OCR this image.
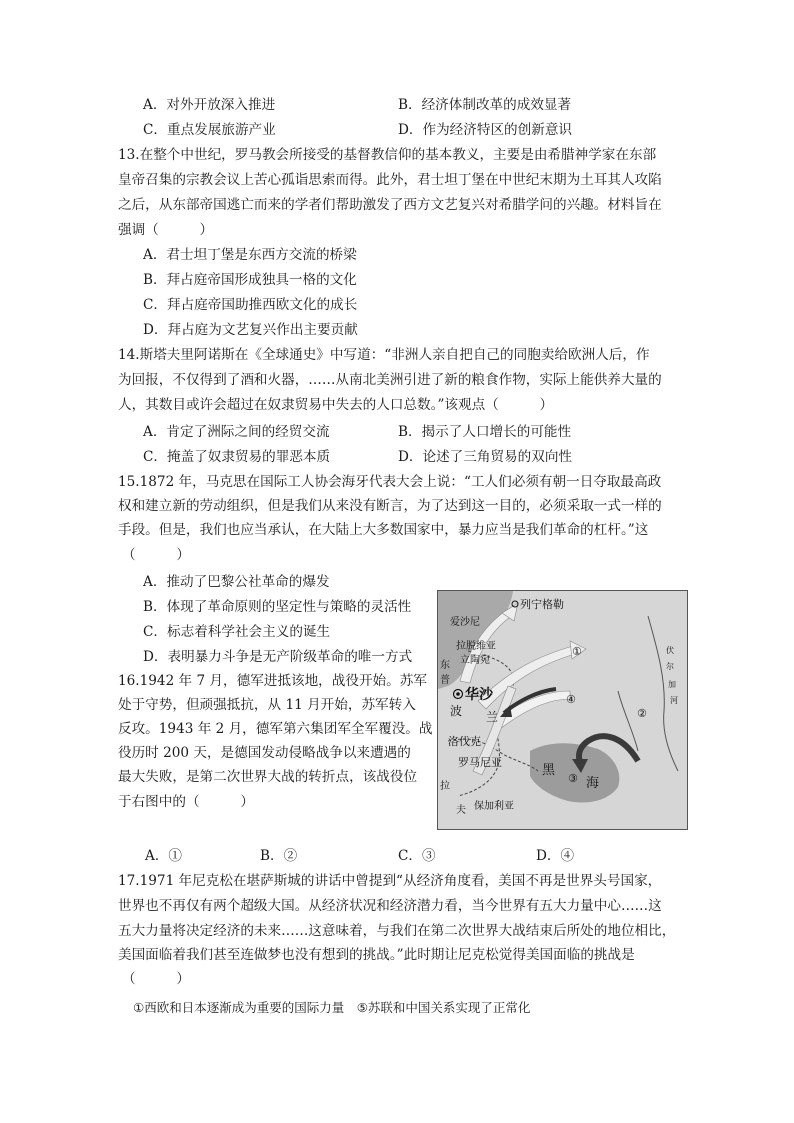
A．对外开放深入推进	B．经济体制改革的成效显著
C．重点发展旅游产业	D．作为经济特区的创新意识
13.在整个中世纪，罗马教会所接受的基督教信仰的基本教义，主要是由希腊神学家在东部
皇帝召集的宗教会议上苦心孤诣思索而得。此外，君士坦丁堡在中世纪末期为土耳其人攻陷
之后，从东部帝国逃亡而来的学者们帮助激发了西方文艺复兴对希腊学问的兴趣。材料旨在
强调（　　　）
A．君士坦丁堡是东西方交流的桥梁
B．拜占庭帝国形成独具一格的文化
C．拜占庭帝国助推西欧文化的成长
D．拜占庭为文艺复兴作出主要贡献
14.斯塔夫里阿诺斯在《全球通史》中写道：“非洲人亲自把自己的同胞卖给欧洲人后，作
为回报，不仅得到了酒和火器，……从南北美洲引进了新的粮食作物，实际上能供养大量的
人，其数目或许会超过在奴隶贸易中失去的人口总数。”该观点（　　　）
A．肯定了洲际之间的经贸交流	B．揭示了人口增长的可能性
C．掩盖了奴隶贸易的罪恶本质	D．论述了三角贸易的双向性
15.1872 年，马克思在国际工人协会海牙代表大会上说：“工人们必须有朝一日夺取最高政
权和建立新的劳动组织，但是我们从来没有断言，为了达到这一目的，必须采取一式一样的
手段。但是，我们也应当承认，在大陆上大多数国家中，暴力应当是我们革命的杠杆。”这
（　　　）
A．推动了巴黎公社革命的爆发
B．体现了革命原则的坚定性与策略的灵活性
C．标志着科学社会主义的诞生
D．表明暴力斗争是无产阶级革命的唯一方式
16.1942 年 7 月，德军进抵该地，战役开始。苏军
处于守势，但顽强抵抗，从 11 月开始，苏军转入
反攻。1943 年 2 月，德军第六集团军全军覆没。战
役历时 200 天，是德国发动侵略战争以来遭遇的
最大失败，是第二次世界大战的转折点，该战役位
于右图中的（　　　）
列宁格勒
爱沙尼
拉脱维亚
立陶宛
东
普
华沙
波 兰
洛伐克
罗马尼亚
拉
夫 保加利亚
黑
海
伏
尔
加
河
①
②
③
④
A．①	B．②	C．③	D．④
17.1971 年尼克松在堪萨斯城的讲话中曾提到“从经济角度看，美国不再是世界头号国家，
世界也不再仅有两个超级大国。从经济状况和经济潜力看，当今世界有五大力量中心……这
五大力量将决定经济的未来……这意味着，与我们在第二次世界大战结束后所处的地位相比，
美国面临着我们甚至连做梦也没有想到的挑战。”此时期让尼克松觉得美国面临的挑战是
（　　　）
①西欧和日本逐渐成为重要的国际力量　⑤苏联和中国关系实现了正常化
